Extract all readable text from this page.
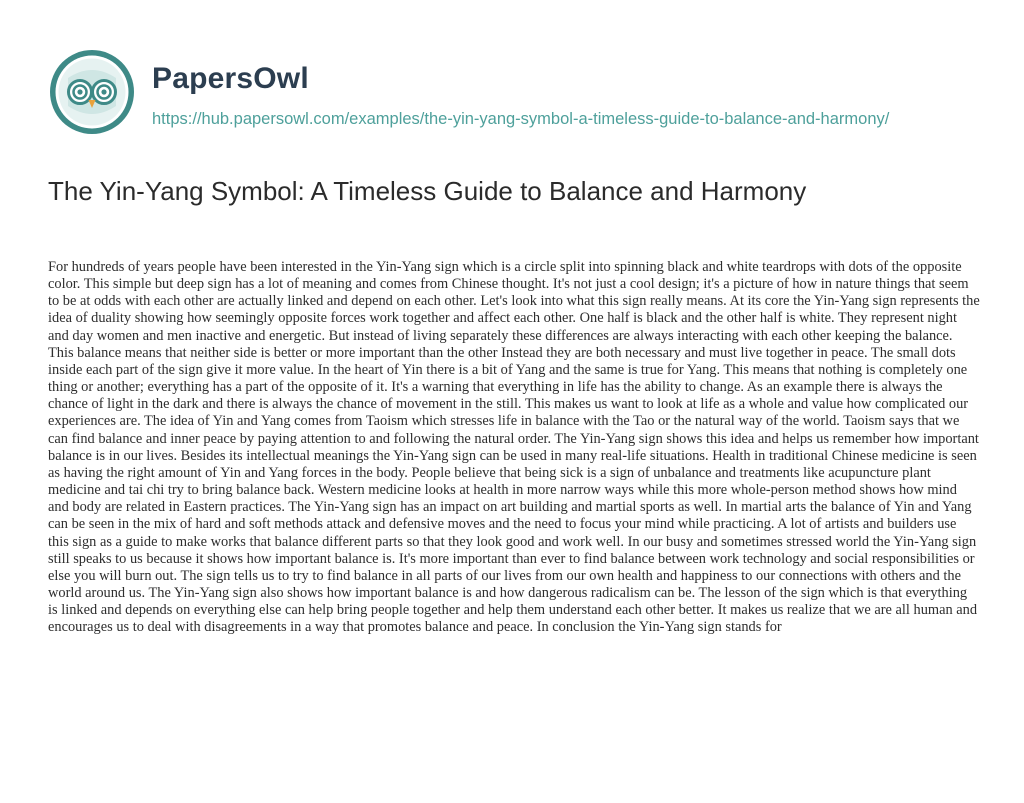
PapersOwl
https://hub.papersowl.com/examples/the-yin-yang-symbol-a-timeless-guide-to-balance-and-harmony/
The Yin-Yang Symbol: A Timeless Guide to Balance and Harmony

For hundreds of years people have been interested in the Yin-Yang sign which is a circle split into spinning black and white teardrops with dots of the opposite color. This simple but deep sign has a lot of meaning and comes from Chinese thought. It's not just a cool design; it's a picture of how in nature things that seem to be at odds with each other are actually linked and depend on each other. Let's look into what this sign really means. At its core the Yin-Yang sign represents the idea of duality showing how seemingly opposite forces work together and affect each other. One half is black and the other half is white. They represent night and day women and men inactive and energetic. But instead of living separately these differences are always interacting with each other keeping the balance. This balance means that neither side is better or more important than the other Instead they are both necessary and must live together in peace. The small dots inside each part of the sign give it more value. In the heart of Yin there is a bit of Yang and the same is true for Yang. This means that nothing is completely one thing or another; everything has a part of the opposite of it. It's a warning that everything in life has the ability to change. As an example there is always the chance of light in the dark and there is always the chance of movement in the still. This makes us want to look at life as a whole and value how complicated our experiences are. The idea of Yin and Yang comes from Taoism which stresses life in balance with the Tao or the natural way of the world. Taoism says that we can find balance and inner peace by paying attention to and following the natural order. The Yin-Yang sign shows this idea and helps us remember how important balance is in our lives. Besides its intellectual meanings the Yin-Yang sign can be used in many real-life situations. Health in traditional Chinese medicine is seen as having the right amount of Yin and Yang forces in the body. People believe that being sick is a sign of unbalance and treatments like acupuncture plant medicine and tai chi try to bring balance back. Western medicine looks at health in more narrow ways while this more whole-person method shows how mind and body are related in Eastern practices. The Yin-Yang sign has an impact on art building and martial sports as well. In martial arts the balance of Yin and Yang can be seen in the mix of hard and soft methods attack and defensive moves and the need to focus your mind while practicing. A lot of artists and builders use this sign as a guide to make works that balance different parts so that they look good and work well. In our busy and sometimes stressed world the Yin-Yang sign still speaks to us because it shows how important balance is. It's more important than ever to find balance between work technology and social responsibilities or else you will burn out. The sign tells us to try to find balance in all parts of our lives from our own health and happiness to our connections with others and the world around us. The Yin-Yang sign also shows how important balance is and how dangerous radicalism can be. The lesson of the sign which is that everything is linked and depends on everything else can help bring people together and help them understand each other better. It makes us realize that we are all human and encourages us to deal with disagreements in a way that promotes balance and peace. In conclusion the Yin-Yang sign stands for
